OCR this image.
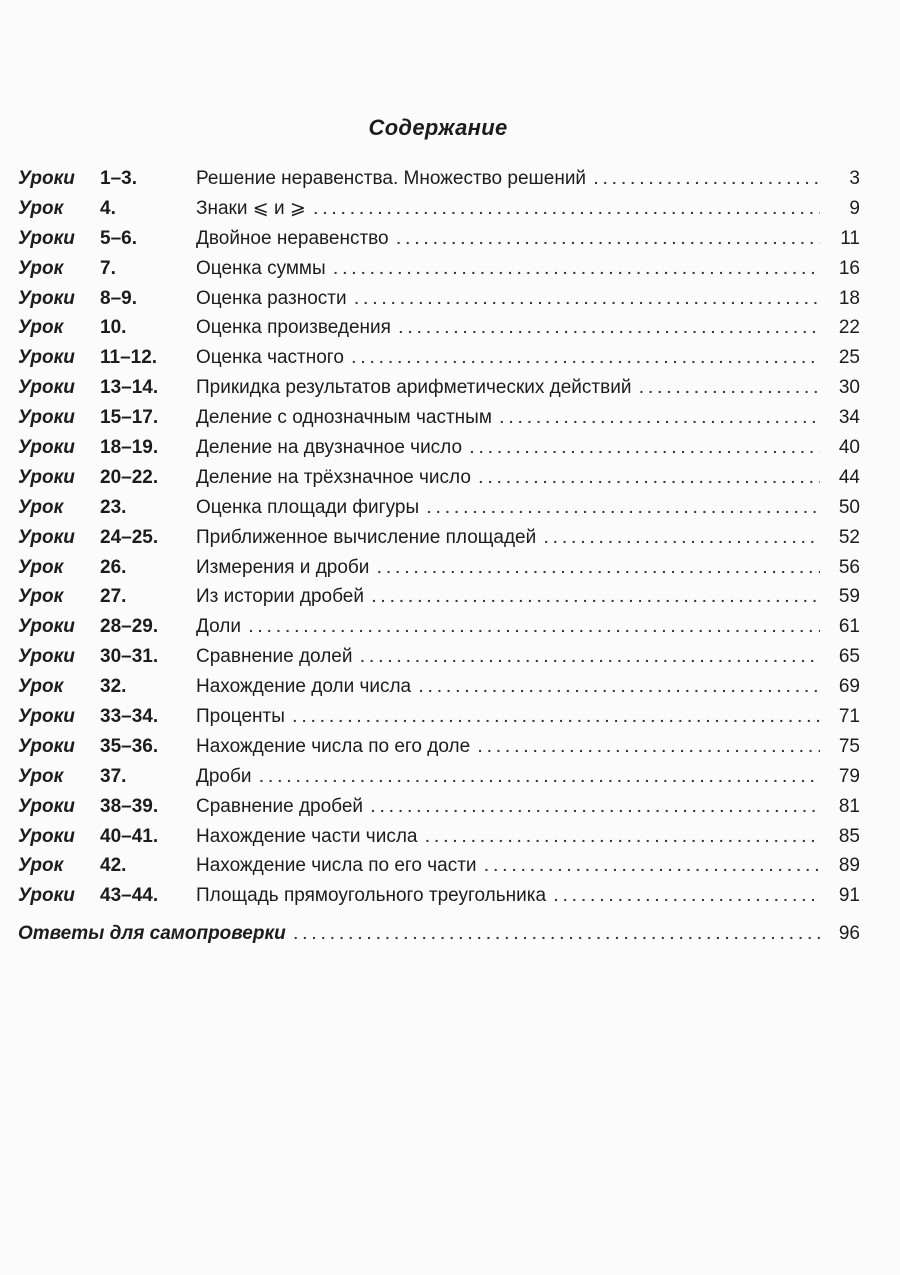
Содержание
Уроки	1–3.	Решение неравенства. Множество решений . . .	3
Урок	4.	Знаки ⩽ и ⩾ . . .	9
Уроки	5–6.	Двойное неравенство . . .	11
Урок	7.	Оценка суммы . . .	16
Уроки	8–9.	Оценка разности . . .	18
Урок	10.	Оценка произведения . . .	22
Уроки	11–12.	Оценка частного . . .	25
Уроки	13–14.	Прикидка результатов арифметических действий . . .	30
Уроки	15–17.	Деление с однозначным частным . . .	34
Уроки	18–19.	Деление на двузначное число . . .	40
Уроки	20–22.	Деление на трёхзначное число . . .	44
Урок	23.	Оценка площади фигуры . . .	50
Уроки	24–25.	Приближенное вычисление площадей . . .	52
Урок	26.	Измерения и дроби . . .	56
Урок	27.	Из истории дробей . . .	59
Уроки	28–29.	Доли . . .	61
Уроки	30–31.	Сравнение долей . . .	65
Урок	32.	Нахождение доли числа . . .	69
Уроки	33–34.	Проценты . . .	71
Уроки	35–36.	Нахождение числа по его доле . . .	75
Урок	37.	Дроби . . .	79
Уроки	38–39.	Сравнение дробей . . .	81
Уроки	40–41.	Нахождение части числа . . .	85
Урок	42.	Нахождение числа по его части . . .	89
Уроки	43–44.	Площадь прямоугольного треугольника . . .	91
Ответы для самопроверки . . .	96
